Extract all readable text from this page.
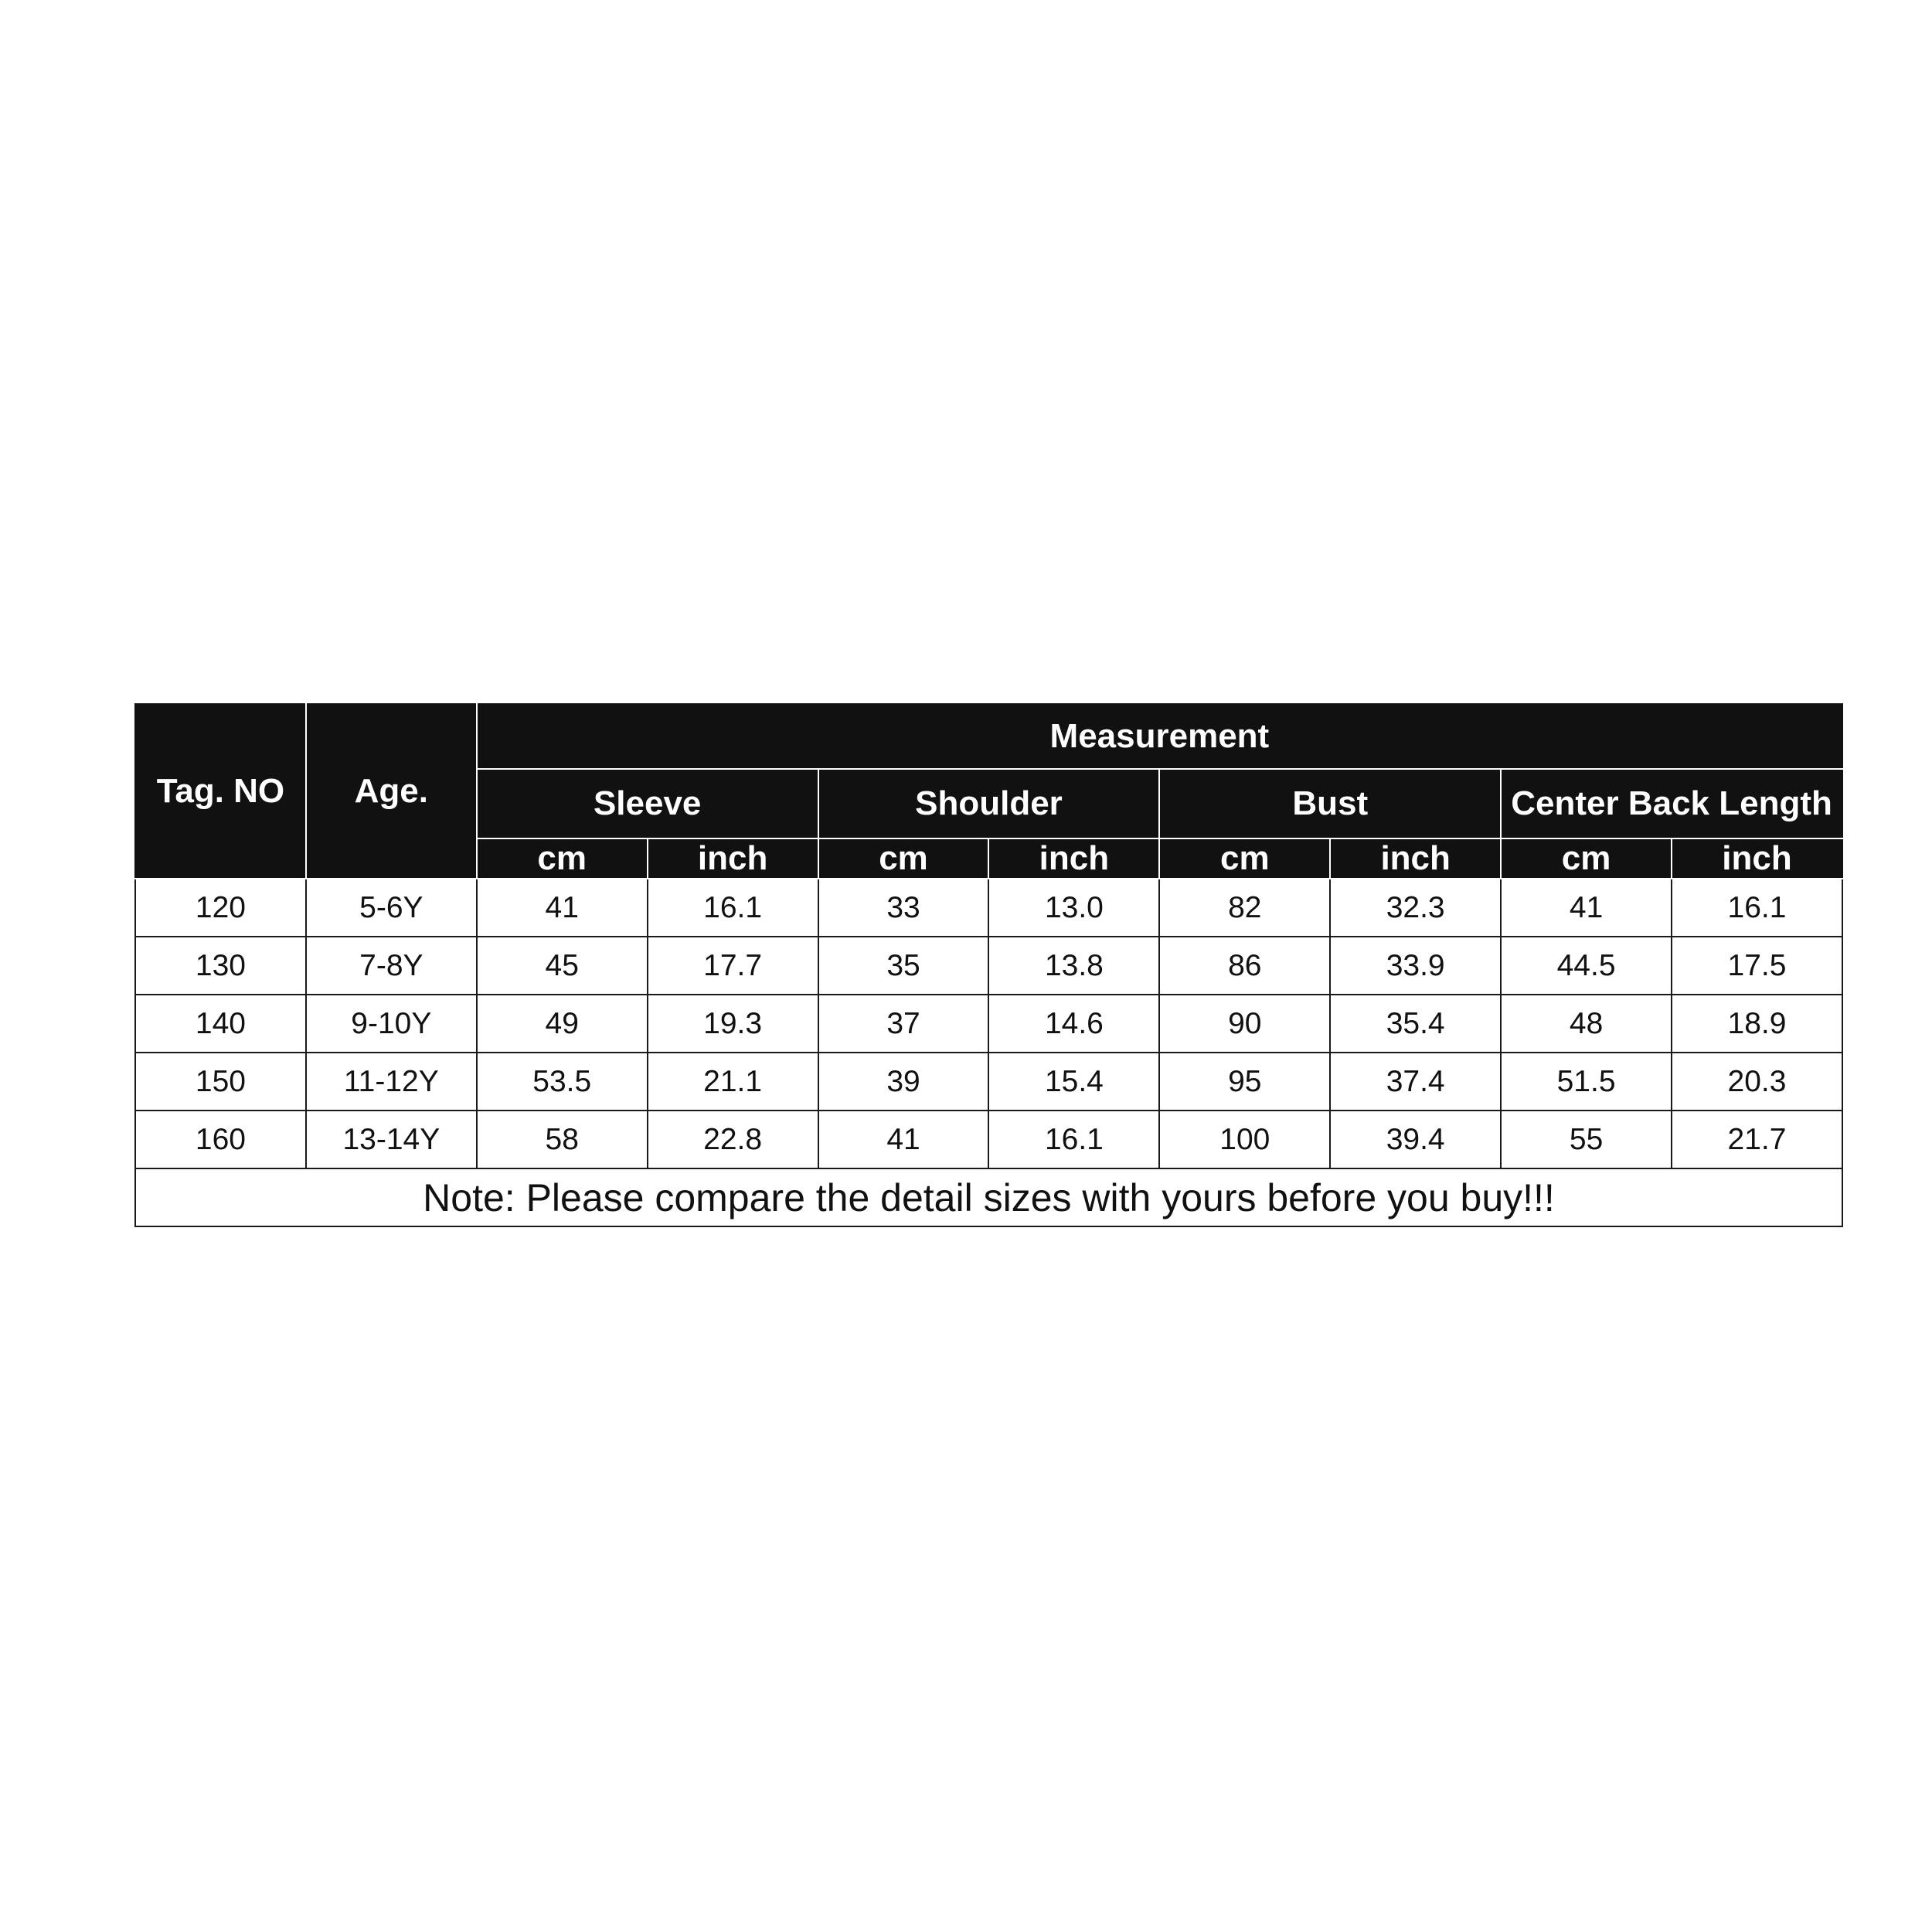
Tag. NO	Age.	Measurement							
		Sleeve		Shoulder		Bust		Center Back Length	
		cm	inch	cm	inch	cm	inch	cm	inch
120	5-6Y	41	16.1	33	13.0	82	32.3	41	16.1
130	7-8Y	45	17.7	35	13.8	86	33.9	44.5	17.5
140	9-10Y	49	19.3	37	14.6	90	35.4	48	18.9
150	11-12Y	53.5	21.1	39	15.4	95	37.4	51.5	20.3
160	13-14Y	58	22.8	41	16.1	100	39.4	55	21.7
Note: Please compare the detail sizes with yours before you buy!!!									
